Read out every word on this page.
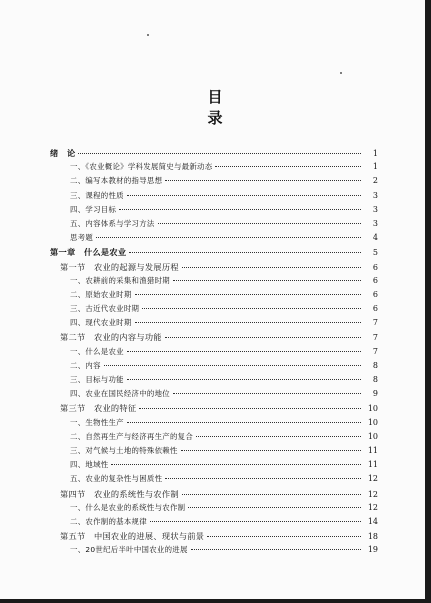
目　录
绪　论	1
一、《农业概论》学科发展简史与最新动态	1
二、编写本教材的指导思想	2
三、课程的性质	3
四、学习目标	3
五、内容体系与学习方法	3
思考题	4
第一章　什么是农业	5
第一节　农业的起源与发展历程	6
一、农耕前的采集和渔猎时期	6
二、原始农业时期	6
三、古近代农业时期	6
四、现代农业时期	7
第二节　农业的内容与功能	7
一、什么是农业	7
二、内容	8
三、目标与功能	8
四、农业在国民经济中的地位	9
第三节　农业的特征	10
一、生物性生产	10
二、自然再生产与经济再生产的复合	10
三、对气候与土地的特殊依赖性	11
四、地域性	11
五、农业的复杂性与困质性	12
第四节　农业的系统性与农作制	12
一、什么是农业的系统性与农作制	12
二、农作制的基本规律	14
第五节　中国农业的进展、现状与前景	18
一、20世纪后半叶中国农业的进展	19
